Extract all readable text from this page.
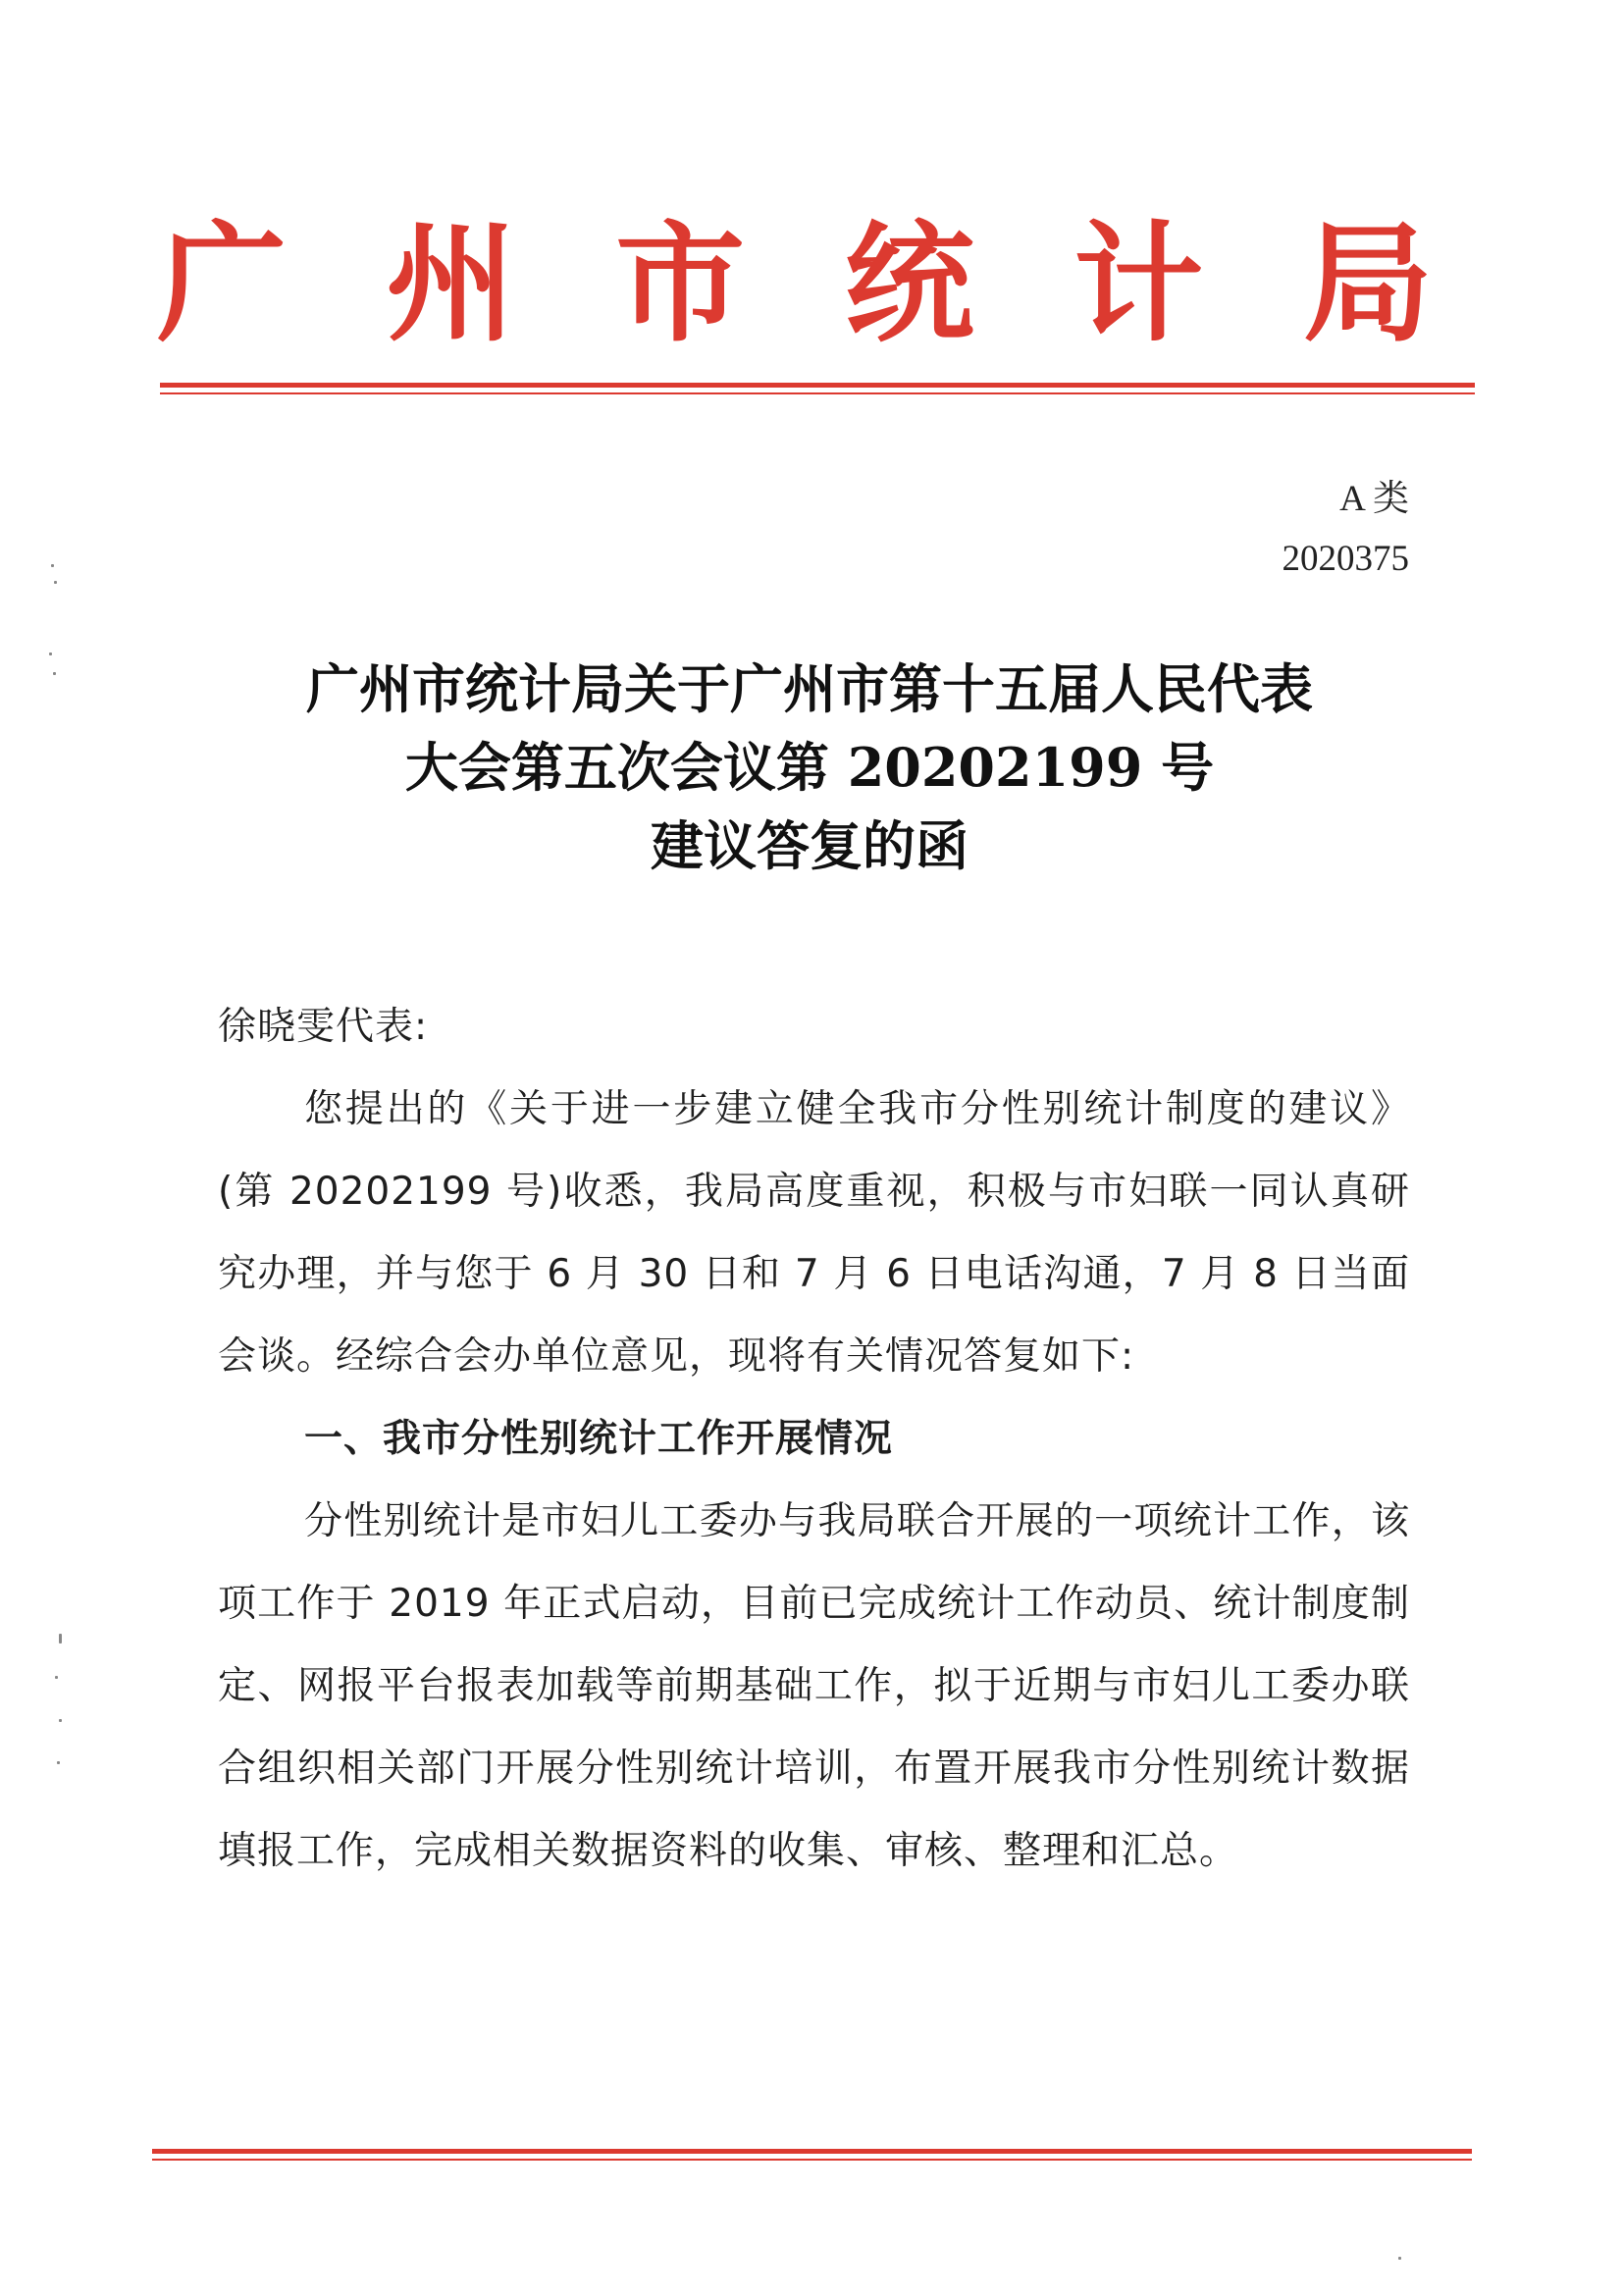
广 州 市 统 计 局
A 类
2020375
广州市统计局关于广州市第十五届人民代表
大会第五次会议第 20202199 号
建议答复的函

徐晓雯代表:

您提出的《关于进一步建立健全我市分性别统计制度的建议》(第 20202199 号)收悉，我局高度重视，积极与市妇联一同认真研究办理，并与您于 6 月 30 日和 7 月 6 日电话沟通，7 月 8 日当面会谈。经综合会办单位意见，现将有关情况答复如下:

一、我市分性别统计工作开展情况

分性别统计是市妇儿工委办与我局联合开展的一项统计工作，该项工作于 2019 年正式启动，目前已完成统计工作动员、统计制度制定、网报平台报表加载等前期基础工作，拟于近期与市妇儿工委办联合组织相关部门开展分性别统计培训，布置开展我市分性别统计数据填报工作，完成相关数据资料的收集、审核、整理和汇总。
